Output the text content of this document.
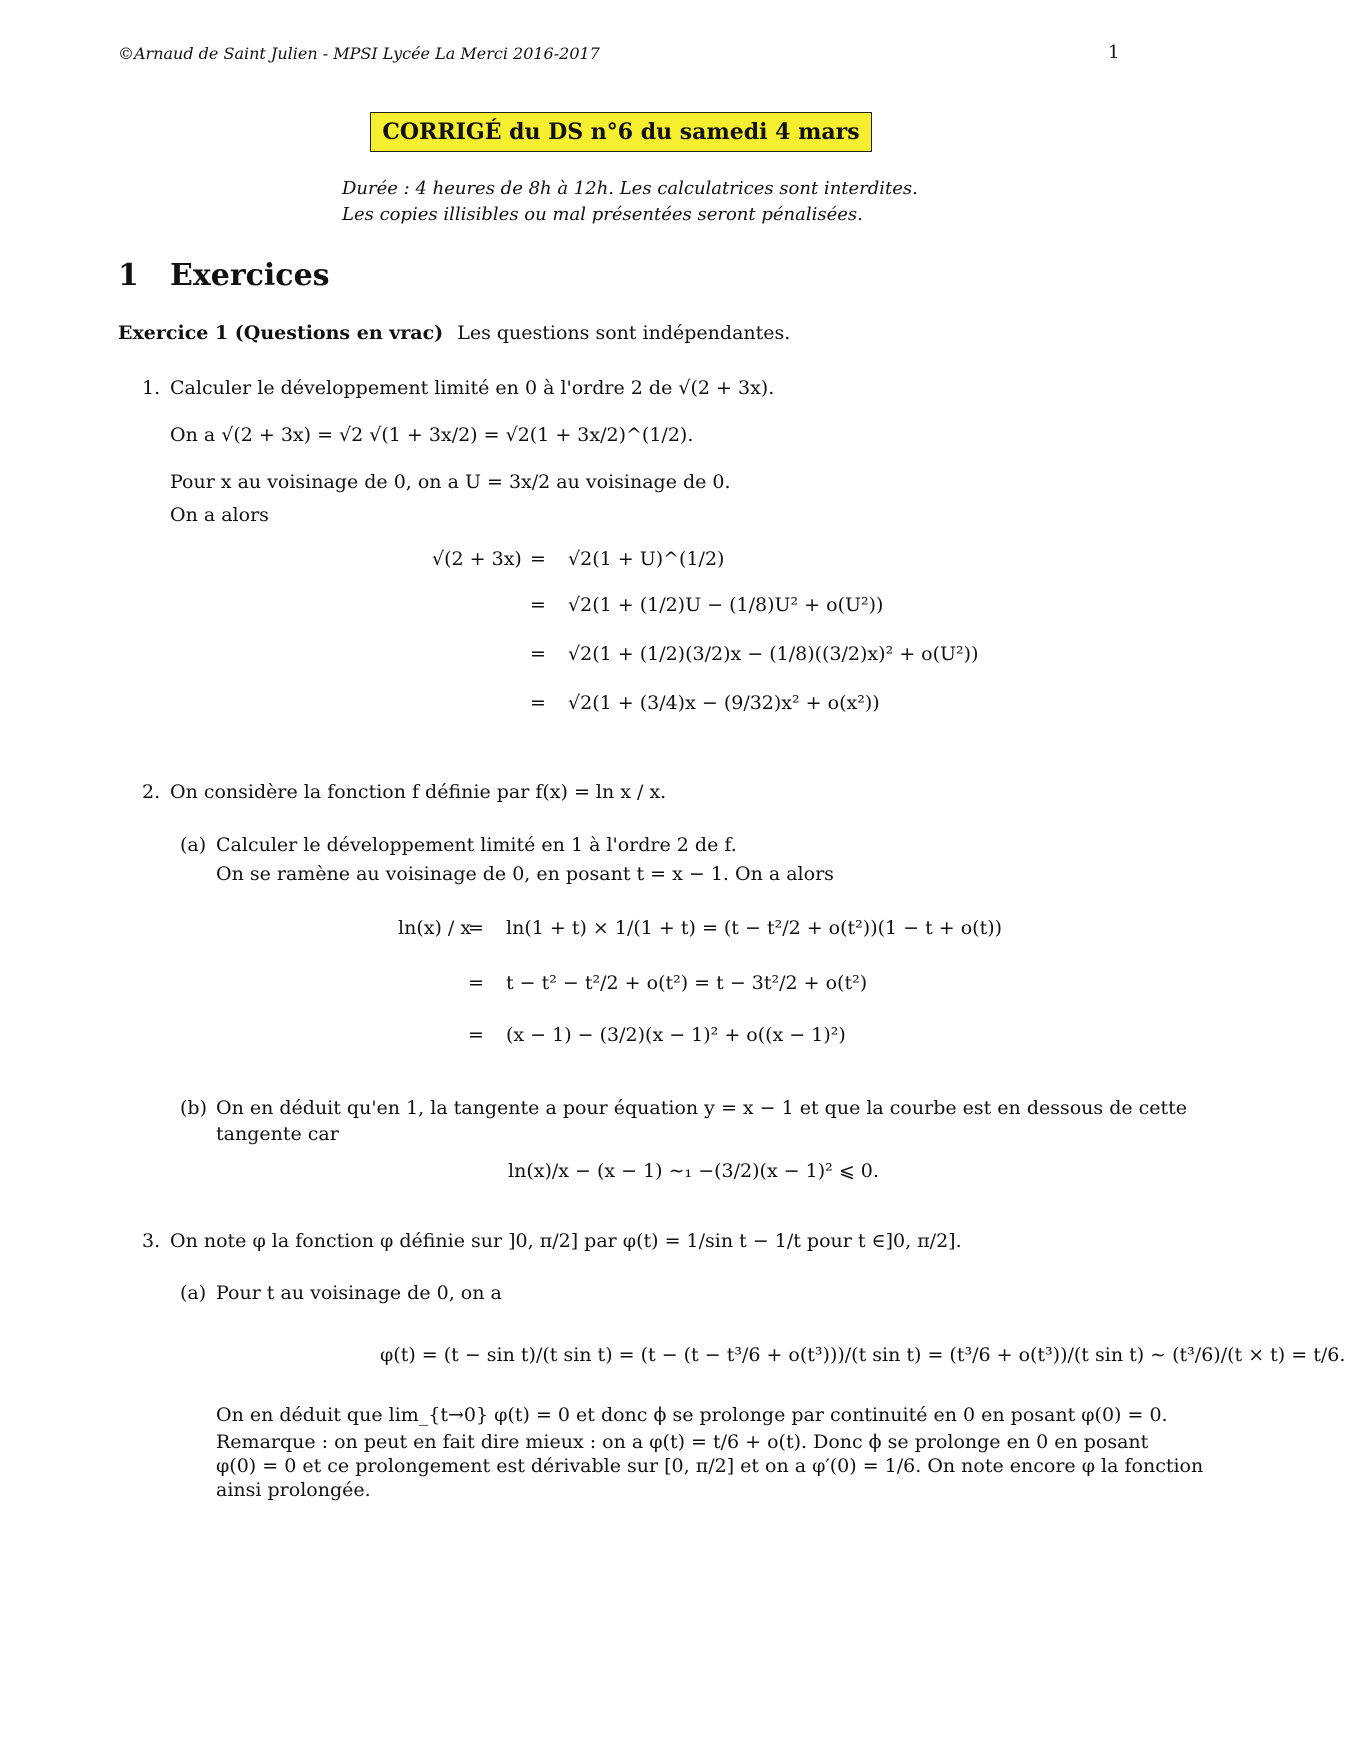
©Arnaud de Saint Julien - MPSI Lycée La Merci 2016-2017	1
CORRIGÉ du DS n°6 du samedi 4 mars
Durée : 4 heures de 8h à 12h. Les calculatrices sont interdites.
Les copies illisibles ou mal présentées seront pénalisées.
1 Exercices
Exercice 1 (Questions en vrac) Les questions sont indépendantes.
1. Calculer le développement limité en 0 à l'ordre 2 de √(2 + 3x).
On a √(2 + 3x) = √2 √(1 + 3x/2) = √2(1 + 3x/2)^(1/2).
Pour x au voisinage de 0, on a U = 3x/2 au voisinage de 0.
On a alors
√(2 + 3x) =	√2(1 + U)^(1/2)
=	√2(1 + (1/2)U − (1/8)U² + o(U²))
=	√2(1 + (1/2)(3/2)x − (1/8)((3/2)x)² + o(U²))
=	√2(1 + (3/4)x − (9/32)x² + o(x²))
2. On considère la fonction f définie par f(x) = ln x / x.
(a) Calculer le développement limité en 1 à l'ordre 2 de f.
On se ramène au voisinage de 0, en posant t = x − 1. On a alors
ln(x) / x
=	ln(1 + t) × 1/(1 + t) = (t − t²/2 + o(t²))(1 − t + o(t))
=	t − t² − t²/2 + o(t²) = t − 3t²/2 + o(t²)
=	(x − 1) − (3/2)(x − 1)² + o((x − 1)²)
(b) On en déduit qu'en 1, la tangente a pour équation y = x − 1 et que la courbe est en dessous de cette
tangente car
ln(x)/x − (x − 1) ∼₁ −(3/2)(x − 1)² ⩽ 0.
3. On note φ la fonction φ définie sur ]0, π/2] par φ(t) = 1/sin t − 1/t pour t ∈]0, π/2].
(a) Pour t au voisinage de 0, on a
φ(t) = (t − sin t)/(t sin t) = (t − (t − t³/6 + o(t³)))/(t sin t) = (t³/6 + o(t³))/(t sin t) ∼ (t³/6)/(t × t) = t/6.
On en déduit que lim_{t→0} φ(t) = 0 et donc ϕ se prolonge par continuité en 0 en posant φ(0) = 0.
Remarque : on peut en fait dire mieux : on a φ(t) = t/6 + o(t). Donc ϕ se prolonge en 0 en posant
φ(0) = 0 et ce prolongement est dérivable sur [0, π/2] et on a φ′(0) = 1/6. On note encore φ la fonction
ainsi prolongée.
